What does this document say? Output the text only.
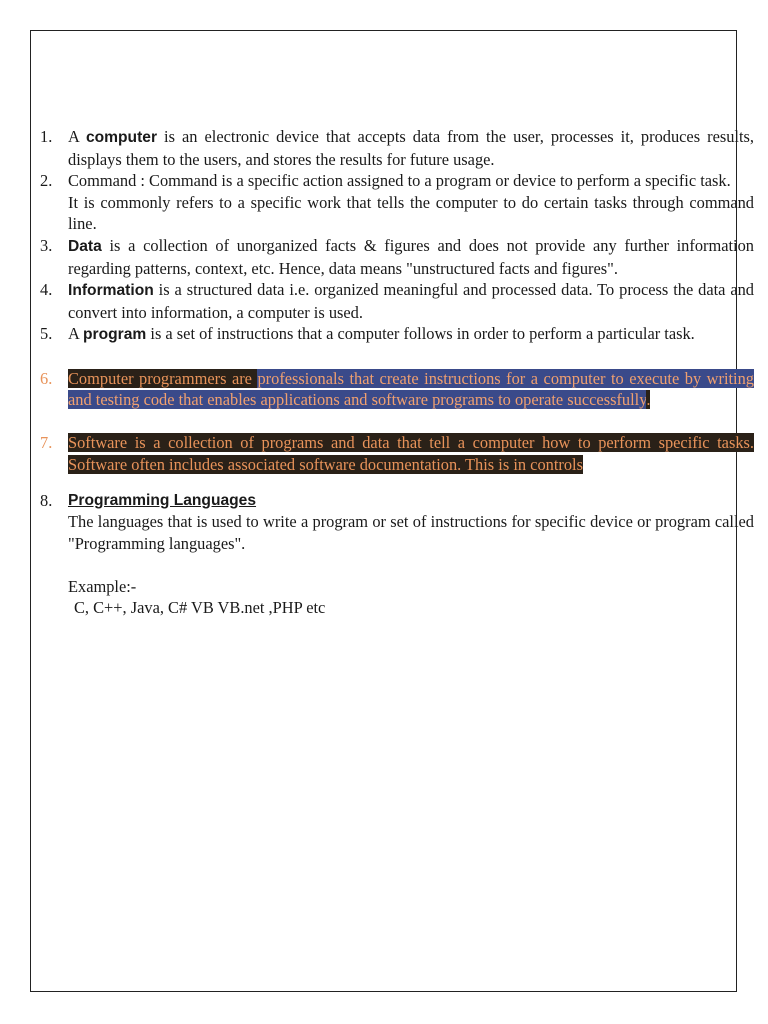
1. A computer is an electronic device that accepts data from the user, processes it, produces results, displays them to the users, and stores the results for future usage.
2. Command : Command is a specific action assigned to a program or device to perform a specific task.
It is commonly refers to a specific work that tells the computer to do certain tasks through command line.
3.	Data is a collection of unorganized facts & figures and does not provide any further information regarding patterns, context, etc. Hence, data means "unstructured facts and figures".
4.	Information is a structured data i.e. organized meaningful and processed data. To process the data and convert into information, a computer is used.
5. A program is a set of instructions that a computer follows in order to perform a particular task.
6. Computer programmers are professionals that create instructions for a computer to execute by writing and testing code that enables applications and software programs to operate successfully.
7. Software is a collection of programs and data that tell a computer how to perform specific tasks. Software often includes associated software documentation. This is in controls
8.	Programming Languages
The languages that is used to write a program or set of instructions for specific device or program called "Programming languages".
Example:-
C, C++, Java, C# VB VB.net ,PHP etc
